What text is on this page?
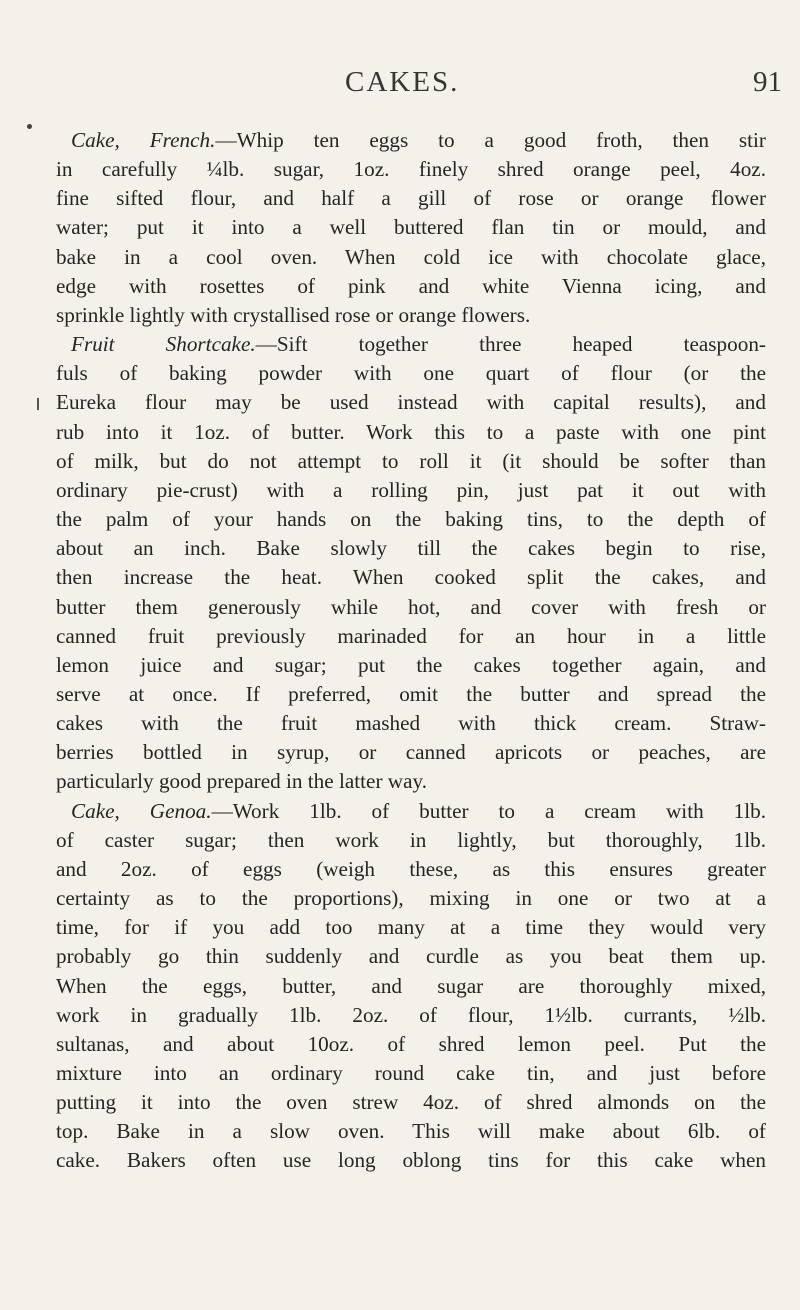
CAKES.	91
Cake, French.—Whip ten eggs to a good froth, then stir
in carefully ¼lb. sugar, 1oz. finely shred orange peel, 4oz.
fine sifted flour, and half a gill of rose or orange flower
water; put it into a well buttered flan tin or mould, and
bake in a cool oven. When cold ice with chocolate glace,
edge with rosettes of pink and white Vienna icing, and
sprinkle lightly with crystallised rose or orange flowers.
Fruit Shortcake.—Sift together three heaped teaspoon-
fuls of baking powder with one quart of flour (or the
Eureka flour may be used instead with capital results), and
rub into it 1oz. of butter. Work this to a paste with one pint
of milk, but do not attempt to roll it (it should be softer than
ordinary pie-crust) with a rolling pin, just pat it out with
the palm of your hands on the baking tins, to the depth of
about an inch. Bake slowly till the cakes begin to rise,
then increase the heat. When cooked split the cakes, and
butter them generously while hot, and cover with fresh or
canned fruit previously marinaded for an hour in a little
lemon juice and sugar; put the cakes together again, and
serve at once. If preferred, omit the butter and spread the
cakes with the fruit mashed with thick cream. Straw-
berries bottled in syrup, or canned apricots or peaches, are
particularly good prepared in the latter way.
Cake, Genoa.—Work 1lb. of butter to a cream with 1lb.
of caster sugar; then work in lightly, but thoroughly, 1lb.
and 2oz. of eggs (weigh these, as this ensures greater
certainty as to the proportions), mixing in one or two at a
time, for if you add too many at a time they would very
probably go thin suddenly and curdle as you beat them up.
When the eggs, butter, and sugar are thoroughly mixed,
work in gradually 1lb. 2oz. of flour, 1½lb. currants, ½lb.
sultanas, and about 10oz. of shred lemon peel. Put the
mixture into an ordinary round cake tin, and just before
putting it into the oven strew 4oz. of shred almonds on the
top. Bake in a slow oven. This will make about 6lb. of
cake. Bakers often use long oblong tins for this cake when
